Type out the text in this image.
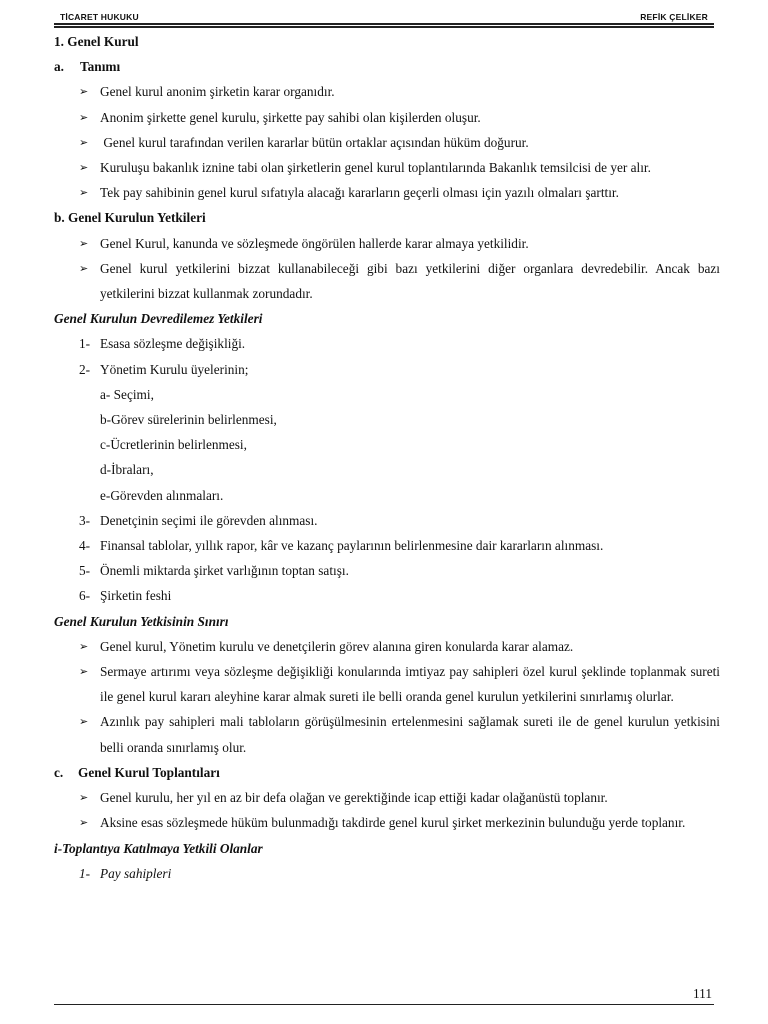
TİCARET HUKUKU	REFİK ÇELİKER
1. Genel Kurul
a. Tanımı
➢ Genel kurul anonim şirketin karar organıdır.
➢ Anonim şirkette genel kurulu, şirkette pay sahibi olan kişilerden oluşur.
➢ Genel kurul tarafından verilen kararlar bütün ortaklar açısından hüküm doğurur.
➢ Kuruluşu bakanlık iznine tabi olan şirketlerin genel kurul toplantılarında Bakanlık temsilcisi de yer alır.
➢ Tek pay sahibinin genel kurul sıfatıyla alacağı kararların geçerli olması için yazılı olmaları şarttır.
b. Genel Kurulun Yetkileri
➢ Genel Kurul, kanunda ve sözleşmede öngörülen hallerde karar almaya yetkilidir.
➢ Genel kurul yetkilerini bizzat kullanabileceği gibi bazı yetkilerini diğer organlara devredebilir. Ancak bazı yetkilerini bizzat kullanmak zorundadır.
Genel Kurulun Devredilemez Yetkileri
1- Esasa sözleşme değişikliği.
2- Yönetim Kurulu üyelerinin;
a- Seçimi,
b-Görev sürelerinin belirlenmesi,
c-Ücretlerinin belirlenmesi,
d-İbraları,
e-Görevden alınmaları.
3- Denetçinin seçimi ile görevden alınması.
4- Finansal tablolar, yıllık rapor, kâr ve kazanç paylarının belirlenmesine dair kararların alınması.
5- Önemli miktarda şirket varlığının toptan satışı.
6- Şirketin feshi
Genel Kurulun Yetkisinin Sınırı
➢ Genel kurul, Yönetim kurulu ve denetçilerin görev alanına giren konularda karar alamaz.
➢ Sermaye artırımı veya sözleşme değişikliği konularında imtiyaz pay sahipleri özel kurul şeklinde toplanmak sureti ile genel kurul kararı aleyhine karar almak sureti ile belli oranda genel kurulun yetkilerini sınırlamış olurlar.
➢ Azınlık pay sahipleri mali tabloların görüşülmesinin ertelenmesini sağlamak sureti ile de genel kurulun yetkisini belli oranda sınırlamış olur.
c. Genel Kurul Toplantıları
➢ Genel kurulu, her yıl en az bir defa olağan ve gerektiğinde icap ettiği kadar olağanüstü toplanır.
➢ Aksine esas sözleşmede hüküm bulunmadığı takdirde genel kurul şirket merkezinin bulunduğu yerde toplanır.
i-Toplantıya Katılmaya Yetkili Olanlar
1- Pay sahipleri
111
